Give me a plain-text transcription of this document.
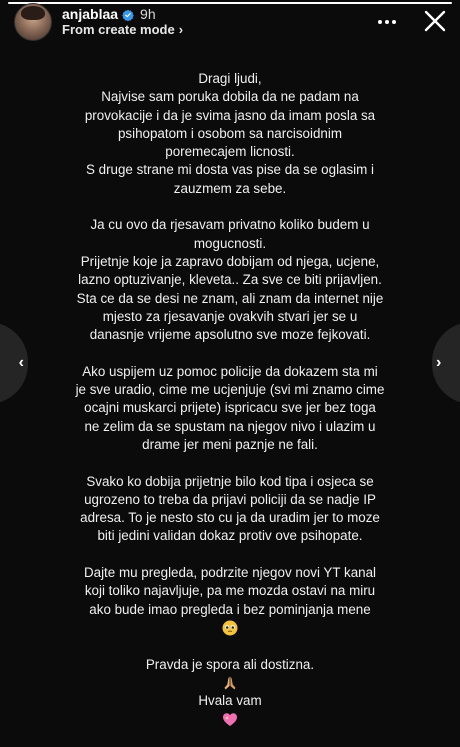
anjablaa 9h
From create mode ›
Dragi ljudi,
Najvise sam poruka dobila da ne padam na
provokacije i da je svima jasno da imam posla sa
psihopatom i osobom sa narcisoidnim
poremecajem licnosti.
S druge strane mi dosta vas pise da se oglasim i
zauzmem za sebe.
Ja cu ovo da rjesavam privatno koliko budem u
mogucnosti.
Prijetnje koje ja zapravo dobijam od njega, ucjene,
lazno optuzivanje, kleveta.. Za sve ce biti prijavljen.
Sta ce da se desi ne znam, ali znam da internet nije
mjesto za rjesavanje ovakvih stvari jer se u
danasnje vrijeme apsolutno sve moze fejkovati.
Ako uspijem uz pomoc policije da dokazem sta mi
je sve uradio, cime me ucjenjuje (svi mi znamo cime
ocajni muskarci prijete) ispricacu sve jer bez toga
ne zelim da se spustam na njegov nivo i ulazim u
drame jer meni paznje ne fali.
Svako ko dobija prijetnje bilo kod tipa i osjeca se
ugrozeno to treba da prijavi policiji da se nadje IP
adresa. To je nesto sto cu ja da uradim jer to moze
biti jedini validan dokaz protiv ove psihopate.
Dajte mu pregleda, podrzite njegov novi YT kanal
koji toliko najavljuje, pa me mozda ostavi na miru
ako bude imao pregleda i bez pominjanja mene
Pravda je spora ali dostizna.
Hvala vam
‹	›
